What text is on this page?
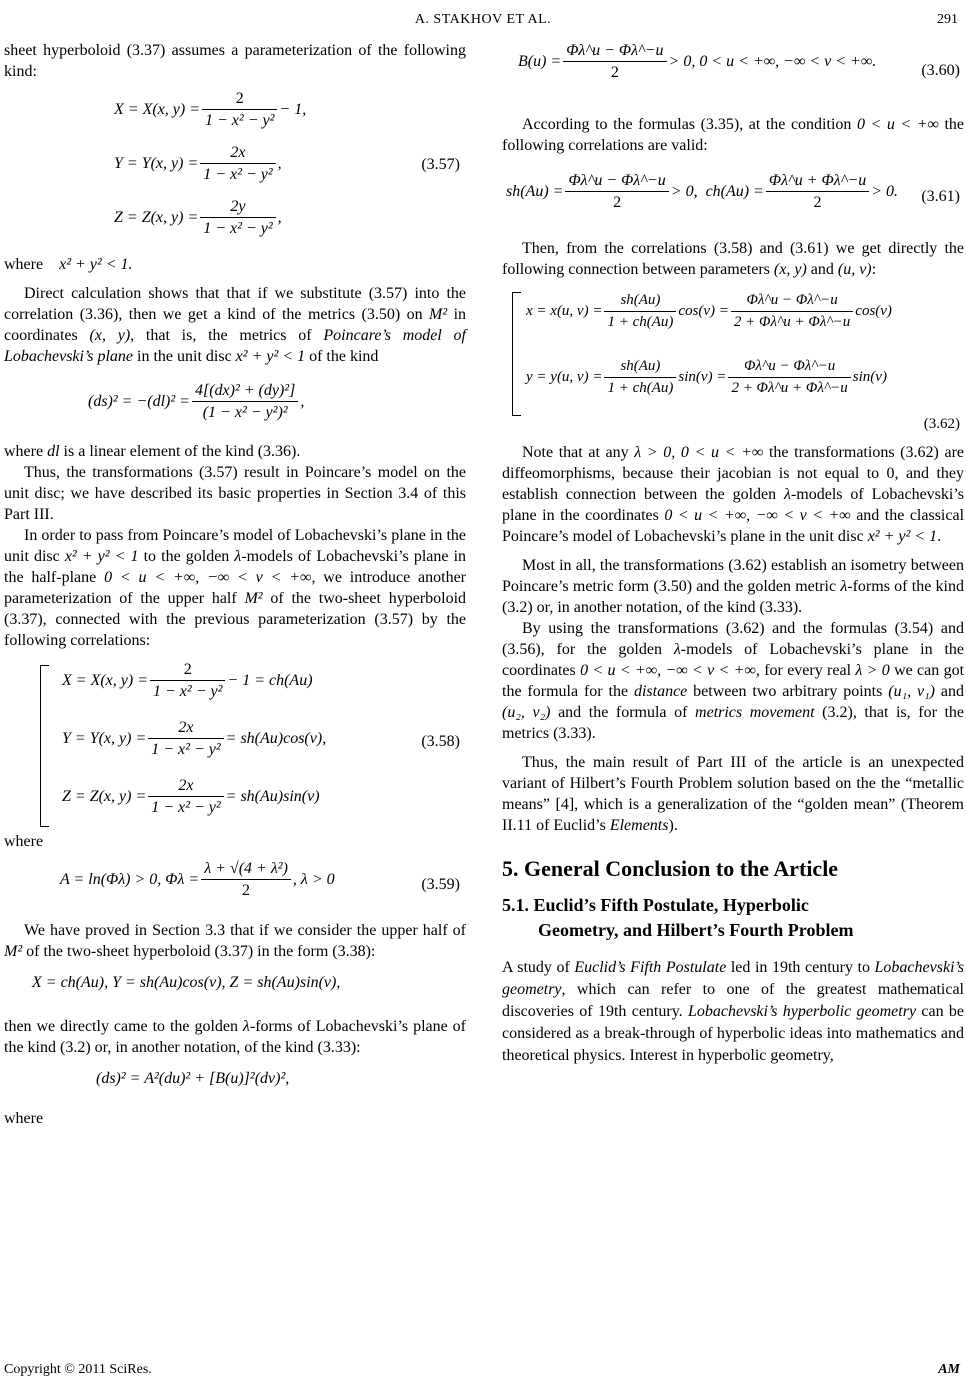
A. STAKHOV ET AL.	291

sheet hyperboloid (3.37) assumes a parameterization of the following kind:

X = X(x, $y) = \frac{2}{\text{1 − x² − y²}} - 1$,
Y = Y(x, $y) = \frac{2x}{\text{1 − x² − y²}}$ ,
Z = Z(x, $y) = \frac{2y}{\text{1 − x² − y²}}$ ,
(3.57)

where x² + y² < 1.

Direct calculation shows that that if we substitute (3.57) into the correlation (3.36), then we get a kind of the metrics (3.50) on M² in coordinates (x, y), that is, the metrics of Poincare’s model of Lobachevski’s plane in the unit disc x² + y² < 1 of the kind

$(ds)^2 = -(dl)^2 = \frac{\text{4[(dx)² + (dy)²]}}{\text{(1 − x² − y²)²}}$ ,

where dl is a linear element of the kind (3.36).

Thus, the transformations (3.57) result in Poincare’s model on the unit disc; we have described its basic properties in Section 3.4 of this Part III.

In order to pass from Poincare’s model of Lobachevski’s plane in the unit disc x² + y² < 1 to the golden λ-models of Lobachevski’s plane in the half-plane 0 < u < +∞, −∞ < v < +∞, we introduce another parameterization of the upper half M² of the two-sheet hyperboloid (3.37), connected with the previous parameterization (3.57) by the following correlations:

X = X(x, $y) = \frac{2}{\text{1 − x² − y²}} - 1 = ch(Au)$
Y = Y(x, $y) = \frac{2x}{\text{1 − x² − y²}} = sh(Au)\cos(v)$ ,
Z = Z(x, $y) = \frac{2x}{\text{1 − x² − y²}} = sh(Au)\sin(v)$
(3.58)

where

A = ln(Φλ) > 0, $\Phi\lambda = \frac{\text{λ + √(4 + λ²)}}{2}$ , λ > 0	(3.59)

We have proved in Section 3.3 that if we consider the upper half of M² of the two-sheet hyperboloid (3.37) in the form (3.38):

X = ch(Au), Y = sh(Au)cos(v), Z = sh(Au)sin(v),

then we directly came to the golden λ-forms of Lobachevski’s plane of the kind (3.2) or, in another notation, of the kind (3.33):

(ds)² = A²(du)² + [B(u)]²(dv)²,

where

$B(u) = \frac{\Phi\lambda\^{}u - \Phi\lambda\^{}-u}{2} > 0$, 0 < u < +∞, −∞ < v < +∞.
(3.60)

According to the formulas (3.35), at the condition 0 < u < +∞ the following correlations are valid:

$sh(Au) = \frac{\Phi\lambda\^{}u - \Phi\lambda\^{}-u}{2} > 0$, $ch(Au) = \frac{\Phi\lambda\^{}u + \Phi\lambda\^{}-u}{2} > 0$. (3.61)

Then, from the correlations (3.58) and (3.61) we get directly the following connection between parameters (x, y) and (u, v):

x = x(u, $v) = \frac{sh(Au)}{1 + ch(Au)} \cos(v) = \frac{\Phi\lambda\^{}u - \Phi\lambda\^{}-u}{2 + \Phi\lambda\^{}u + \Phi\lambda\^{}-u} \cos(v)$
y = y(u, $v) = \frac{sh(Au)}{1 + ch(Au)} \sin(v) = \frac{\Phi\lambda\^{}u - \Phi\lambda\^{}-u}{2 + \Phi\lambda\^{}u + \Phi\lambda\^{}-u} \sin(v)$
(3.62)

Note that at any λ > 0, 0 < u < +∞ the transformations (3.62) are diffeomorphisms, because their jacobian is not equal to 0, and they establish connection between the golden λ-models of Lobachevski’s plane in the coordinates 0 < u < +∞, −∞ < v < +∞ and the classical Poincare’s model of Lobachevski’s plane in the unit disc x² + y² < 1.

Most in all, the transformations (3.62) establish an isometry between Poincare’s metric form (3.50) and the golden metric λ-forms of the kind (3.2) or, in another notation, of the kind (3.33).

By using the transformations (3.62) and the formulas (3.54) and (3.56), for the golden λ-models of Lobachevski’s plane in the coordinates 0 < u < +∞, −∞ < v < +∞, for every real λ > 0 we can got the formula for the distance between two arbitrary points (u₁, v₁) and (u₂, v₂) and the formula of metrics movement (3.2), that is, for the metrics (3.33).

Thus, the main result of Part III of the article is an unexpected variant of Hilbert’s Fourth Problem solution based on the the “metallic means” [4], which is a generalization of the “golden mean” (Theorem II.11 of Euclid’s Elements).

5. General Conclusion to the Article
5.1. Euclid’s Fifth Postulate, Hyperbolic
Geometry, and Hilbert’s Fourth Problem

A study of Euclid’s Fifth Postulate led in 19th century to Lobachevski’s geometry, which can refer to one of the greatest mathematical discoveries of 19th century. Lobachevski’s hyperbolic geometry can be considered as a break-through of hyperbolic ideas into mathematics and theoretical physics. Interest in hyperbolic geometry,

Copyright © 2011 SciRes.	AM
